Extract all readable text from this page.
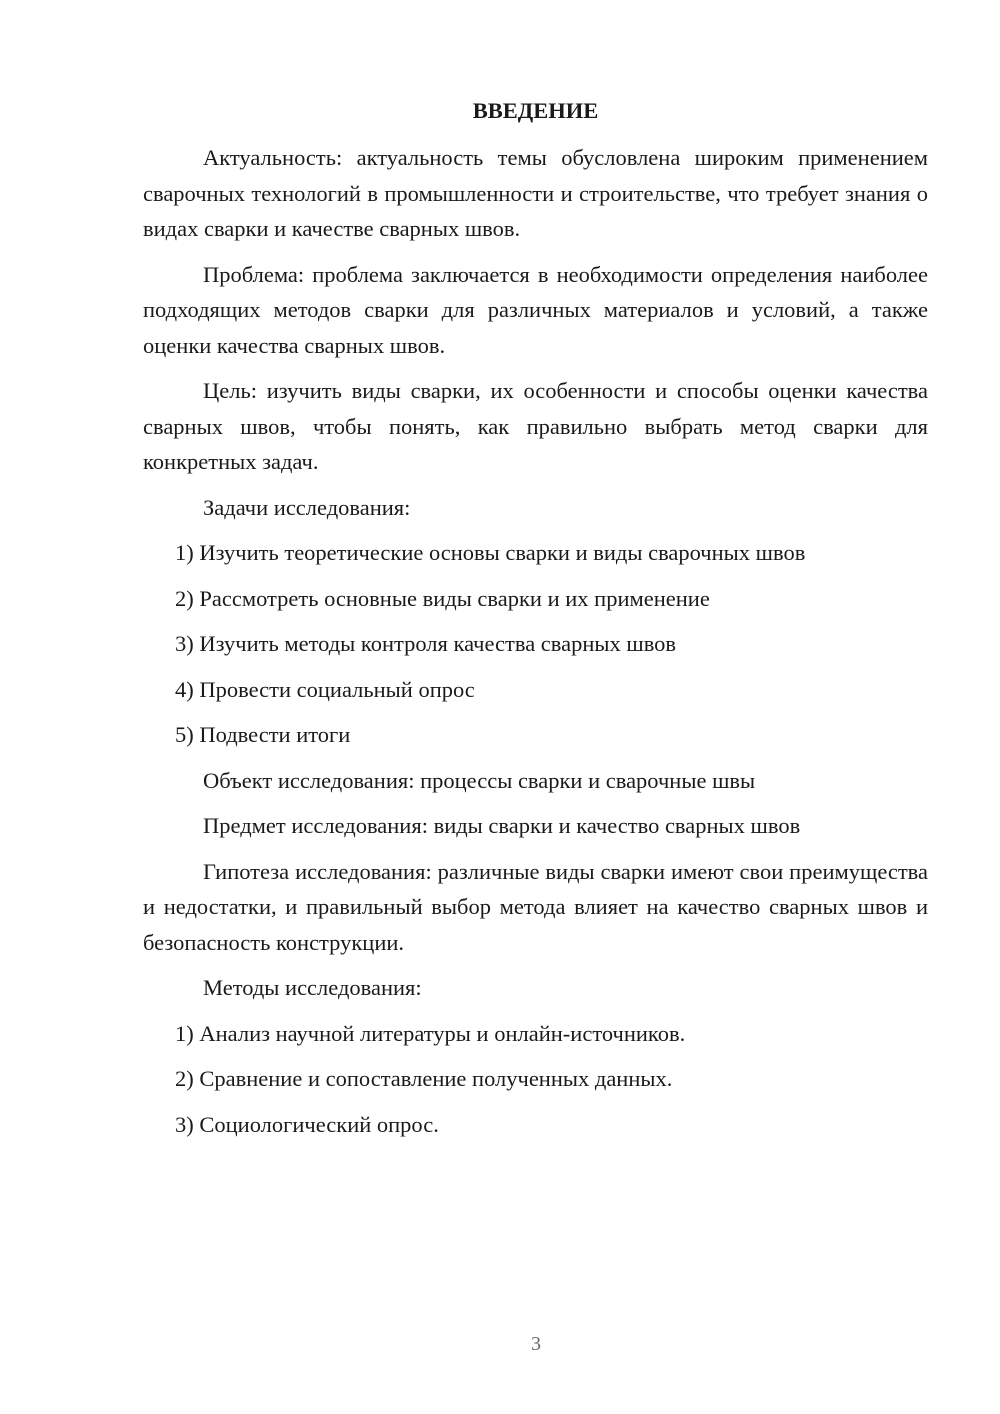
ВВЕДЕНИЕ

Актуальность: актуальность темы обусловлена широким применением сварочных технологий в промышленности и строительстве, что требует знания о видах сварки и качестве сварных швов.

Проблема: проблема заключается в необходимости определения наиболее подходящих методов сварки для различных материалов и условий, а также оценки качества сварных швов.

Цель: изучить виды сварки, их особенности и способы оценки качества сварных швов, чтобы понять, как правильно выбрать метод сварки для конкретных задач.

Задачи исследования:
1) Изучить теоретические основы сварки и виды сварочных швов
2) Рассмотреть основные виды сварки и их применение
3) Изучить методы контроля качества сварных швов
4) Провести социальный опрос
5) Подвести итоги
Объект исследования: процессы сварки и сварочные швы
Предмет исследования: виды сварки и качество сварных швов

Гипотеза исследования: различные виды сварки имеют свои преимущества и недостатки, и правильный выбор метода влияет на качество сварных швов и безопасность конструкции.

Методы исследования:
1) Анализ научной литературы и онлайн-источников.
2) Сравнение и сопоставление полученных данных.
3) Социологический опрос.
3
